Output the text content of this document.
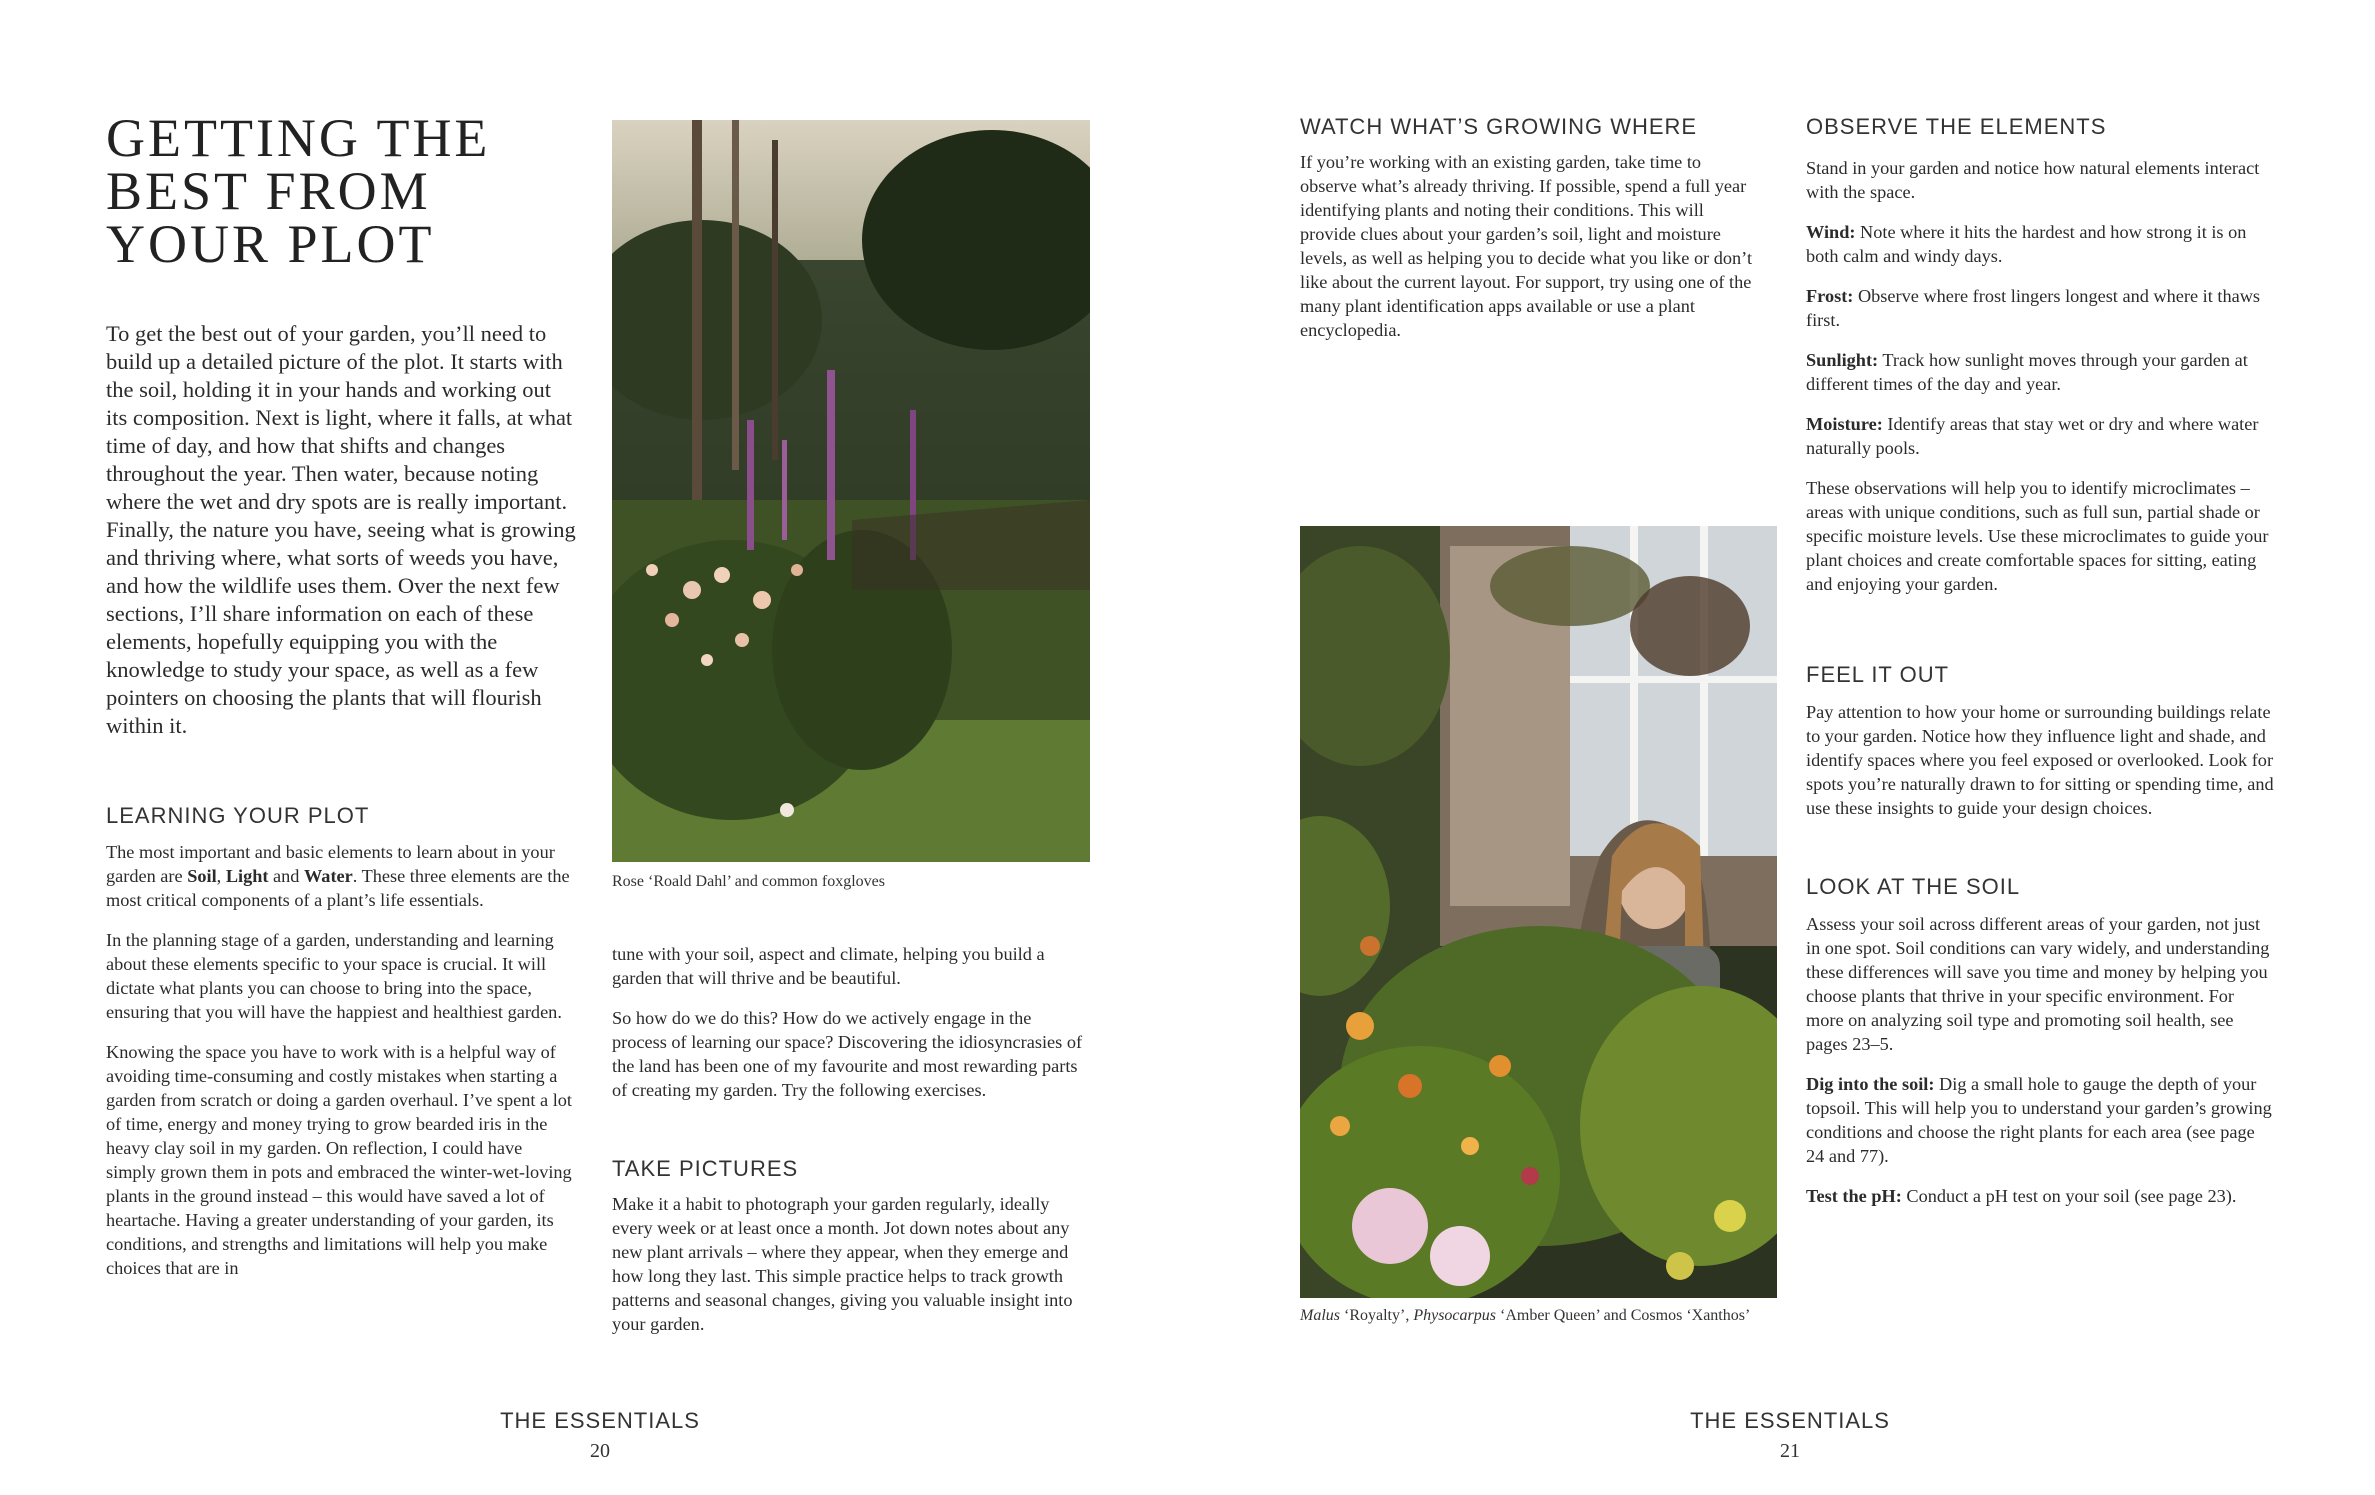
GETTING THE
BEST FROM
YOUR PLOT

To get the best out of your garden, you’ll need to build up a detailed picture of the plot. It starts with the soil, holding it in your hands and working out its composition. Next is light, where it falls, at what time of day, and how that shifts and changes throughout the year. Then water, because noting where the wet and dry spots are is really important. Finally, the nature you have, seeing what is growing and thriving where, what sorts of weeds you have, and how the wildlife uses them. Over the next few sections, I’ll share information on each of these elements, hopefully equipping you with the knowledge to study your space, as well as a few pointers on choosing the plants that will flourish within it.

LEARNING YOUR PLOT

The most important and basic elements to learn about in your garden are Soil, Light and Water. These three elements are the most critical components of a plant’s life essentials.

In the planning stage of a garden, understanding and learning about these elements specific to your space is crucial. It will dictate what plants you can choose to bring into the space, ensuring that you will have the happiest and healthiest garden.

Knowing the space you have to work with is a helpful way of avoiding time-consuming and costly mistakes when starting a garden from scratch or doing a garden overhaul. I’ve spent a lot of time, energy and money trying to grow bearded iris in the heavy clay soil in my garden. On reflection, I could have simply grown them in pots and embraced the winter-wet-loving plants in the ground instead – this would have saved a lot of heartache. Having a greater understanding of your garden, its conditions, and strengths and limitations will help you make choices that are in

Rose ‘Roald Dahl’ and common foxgloves

tune with your soil, aspect and climate, helping you build a garden that will thrive and be beautiful.

So how do we do this? How do we actively engage in the process of learning our space? Discovering the idiosyncrasies of the land has been one of my favourite and most rewarding parts of creating my garden. Try the following exercises.

TAKE PICTURES

Make it a habit to photograph your garden regularly, ideally every week or at least once a month. Jot down notes about any new plant arrivals – where they appear, when they emerge and how long they last. This simple practice helps to track growth patterns and seasonal changes, giving you valuable insight into your garden.

THE ESSENTIALS
20
WATCH WHAT’S GROWING WHERE

If you’re working with an existing garden, take time to observe what’s already thriving. If possible, spend a full year identifying plants and noting their conditions. This will provide clues about your garden’s soil, light and moisture levels, as well as helping you to decide what you like or don’t like about the current layout. For support, try using one of the many plant identification apps available or use a plant encyclopedia.

Malus ‘Royalty’, Physocarpus ‘Amber Queen’ and Cosmos ‘Xanthos’
OBSERVE THE ELEMENTS

Stand in your garden and notice how natural elements interact with the space.

Wind: Note where it hits the hardest and how strong it is on both calm and windy days.

Frost: Observe where frost lingers longest and where it thaws first.

Sunlight: Track how sunlight moves through your garden at different times of the day and year.

Moisture: Identify areas that stay wet or dry and where water naturally pools.

These observations will help you to identify microclimates – areas with unique conditions, such as full sun, partial shade or specific moisture levels. Use these microclimates to guide your plant choices and create comfortable spaces for sitting, eating and enjoying your garden.

FEEL IT OUT

Pay attention to how your home or surrounding buildings relate to your garden. Notice how they influence light and shade, and identify spaces where you feel exposed or overlooked. Look for spots you’re naturally drawn to for sitting or spending time, and use these insights to guide your design choices.

LOOK AT THE SOIL

Assess your soil across different areas of your garden, not just in one spot. Soil conditions can vary widely, and understanding these differences will save you time and money by helping you choose plants that thrive in your specific environment. For more on analyzing soil type and promoting soil health, see pages 23–5.

Dig into the soil: Dig a small hole to gauge the depth of your topsoil. This will help you to understand your garden’s growing conditions and choose the right plants for each area (see page 24 and 77).

Test the pH: Conduct a pH test on your soil (see page 23).

THE ESSENTIALS
21
